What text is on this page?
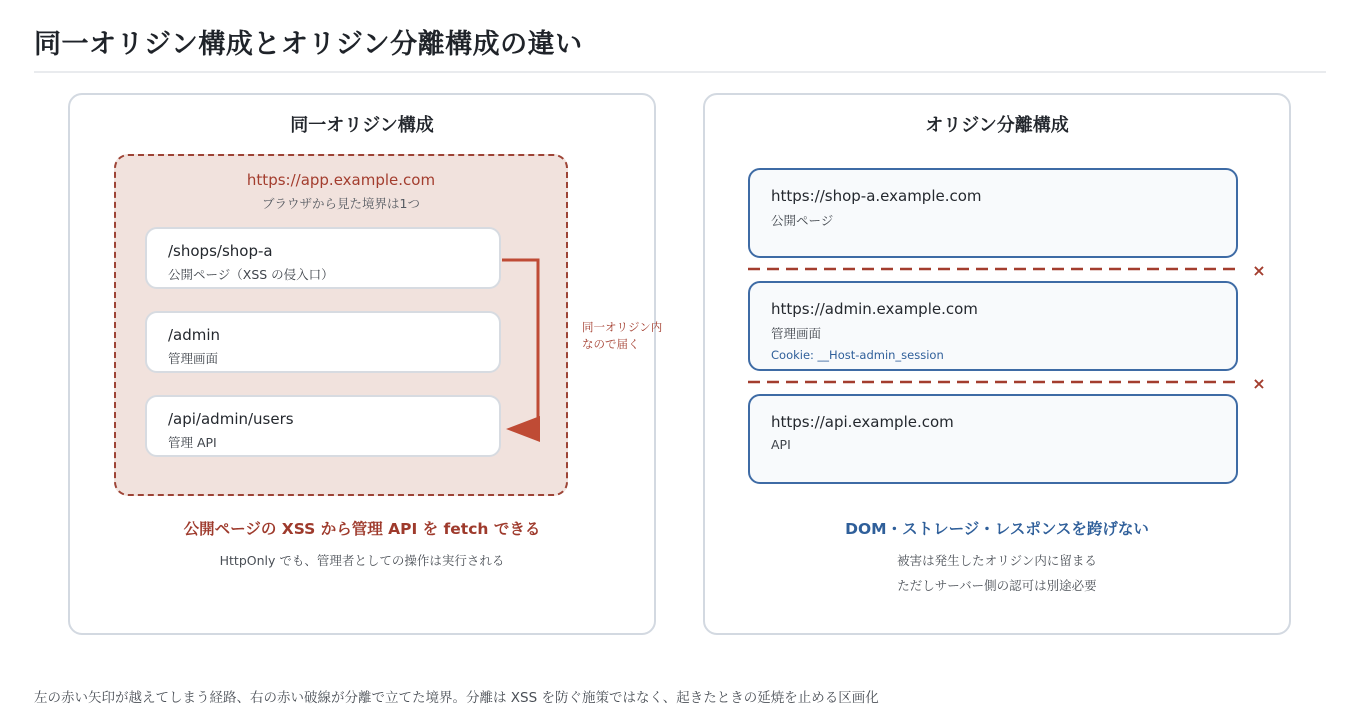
同一オリジン構成とオリジン分離構成の違い
同一オリジン構成
https://app.example.com
ブラウザから見た境界は1つ
/shops/shop-a
公開ページ（XSS の侵入口）
/admin
管理画面
/api/admin/users
管理 API
同一オリジン内
なので届く
公開ページの XSS から管理 API を fetch できる
HttpOnly でも、管理者としての操作は実行される
オリジン分離構成
https://shop-a.example.com
公開ページ
https://admin.example.com
管理画面
Cookie: __Host-admin_session
https://api.example.com
API
×
×
DOM・ストレージ・レスポンスを跨げない
被害は発生したオリジン内に留まる
ただしサーバー側の認可は別途必要
左の赤い矢印が越えてしまう経路、右の赤い破線が分離で立てた境界。分離は XSS を防ぐ施策ではなく、起きたときの延焼を止める区画化
